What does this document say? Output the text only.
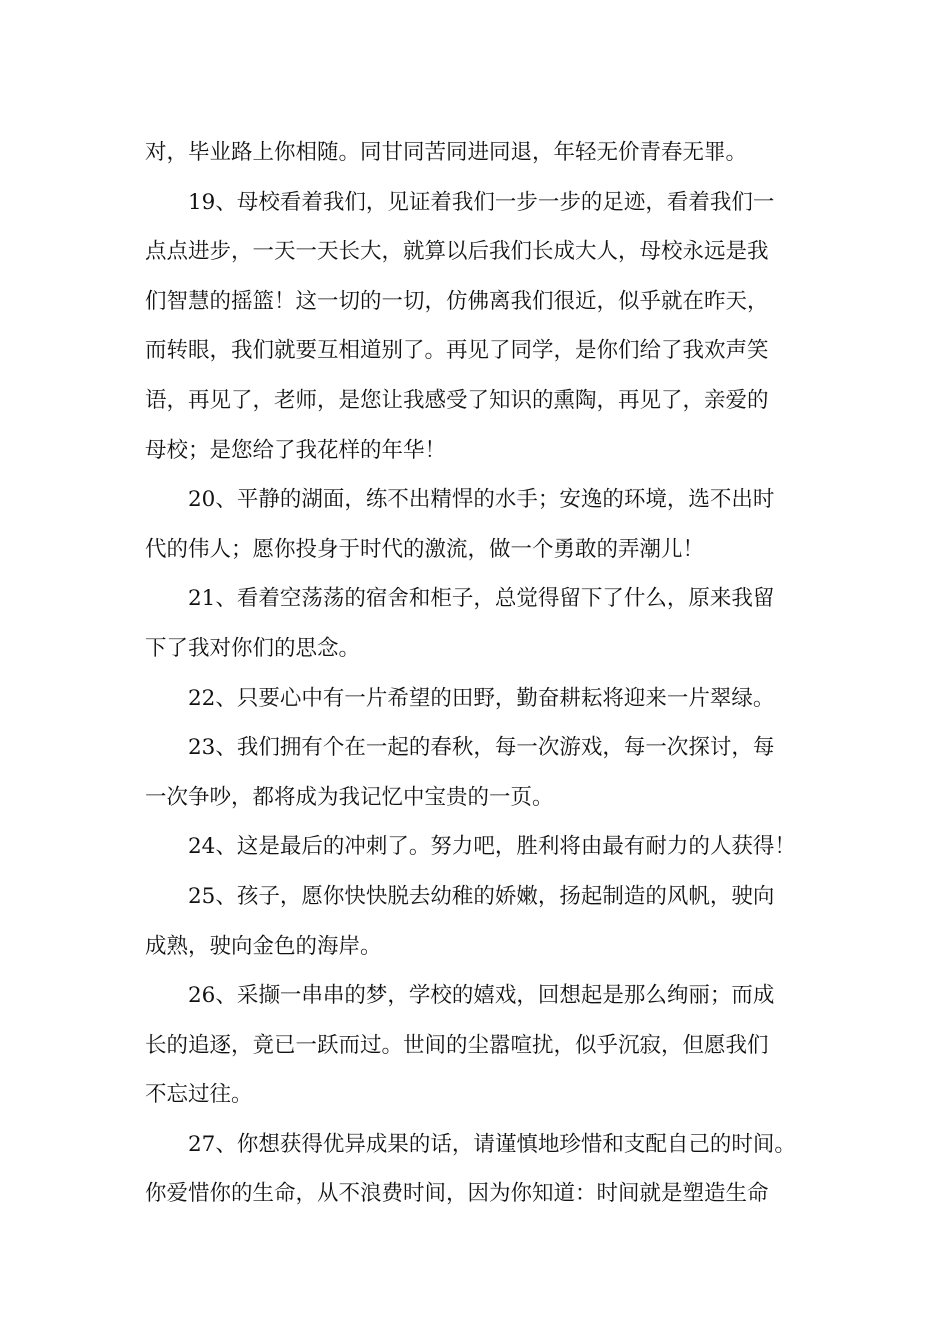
对，毕业路上你相随。同甘同苦同进同退，年轻无价青春无罪。

19、母校看着我们，见证着我们一步一步的足迹，看着我们一
点点进步，一天一天长大，就算以后我们长成大人，母校永远是我
们智慧的摇篮！这一切的一切，仿佛离我们很近，似乎就在昨天，
而转眼，我们就要互相道别了。再见了同学，是你们给了我欢声笑
语，再见了，老师，是您让我感受了知识的熏陶，再见了，亲爱的
母校；是您给了我花样的年华！

20、平静的湖面，练不出精悍的水手；安逸的环境，选不出时
代的伟人；愿你投身于时代的激流，做一个勇敢的弄潮儿！

21、看着空荡荡的宿舍和柜子，总觉得留下了什么，原来我留
下了我对你们的思念。

22、只要心中有一片希望的田野，勤奋耕耘将迎来一片翠绿。

23、我们拥有个在一起的春秋，每一次游戏，每一次探讨，每
一次争吵，都将成为我记忆中宝贵的一页。

24、这是最后的冲刺了。努力吧，胜利将由最有耐力的人获得！

25、孩子，愿你快快脱去幼稚的娇嫩，扬起制造的风帆，驶向
成熟，驶向金色的海岸。

26、采撷一串串的梦，学校的嬉戏，回想起是那么绚丽；而成
长的追逐，竟已一跃而过。世间的尘嚣喧扰，似乎沉寂，但愿我们
不忘过往。

27、你想获得优异成果的话，请谨慎地珍惜和支配自己的时间。
你爱惜你的生命，从不浪费时间，因为你知道：时间就是塑造生命
